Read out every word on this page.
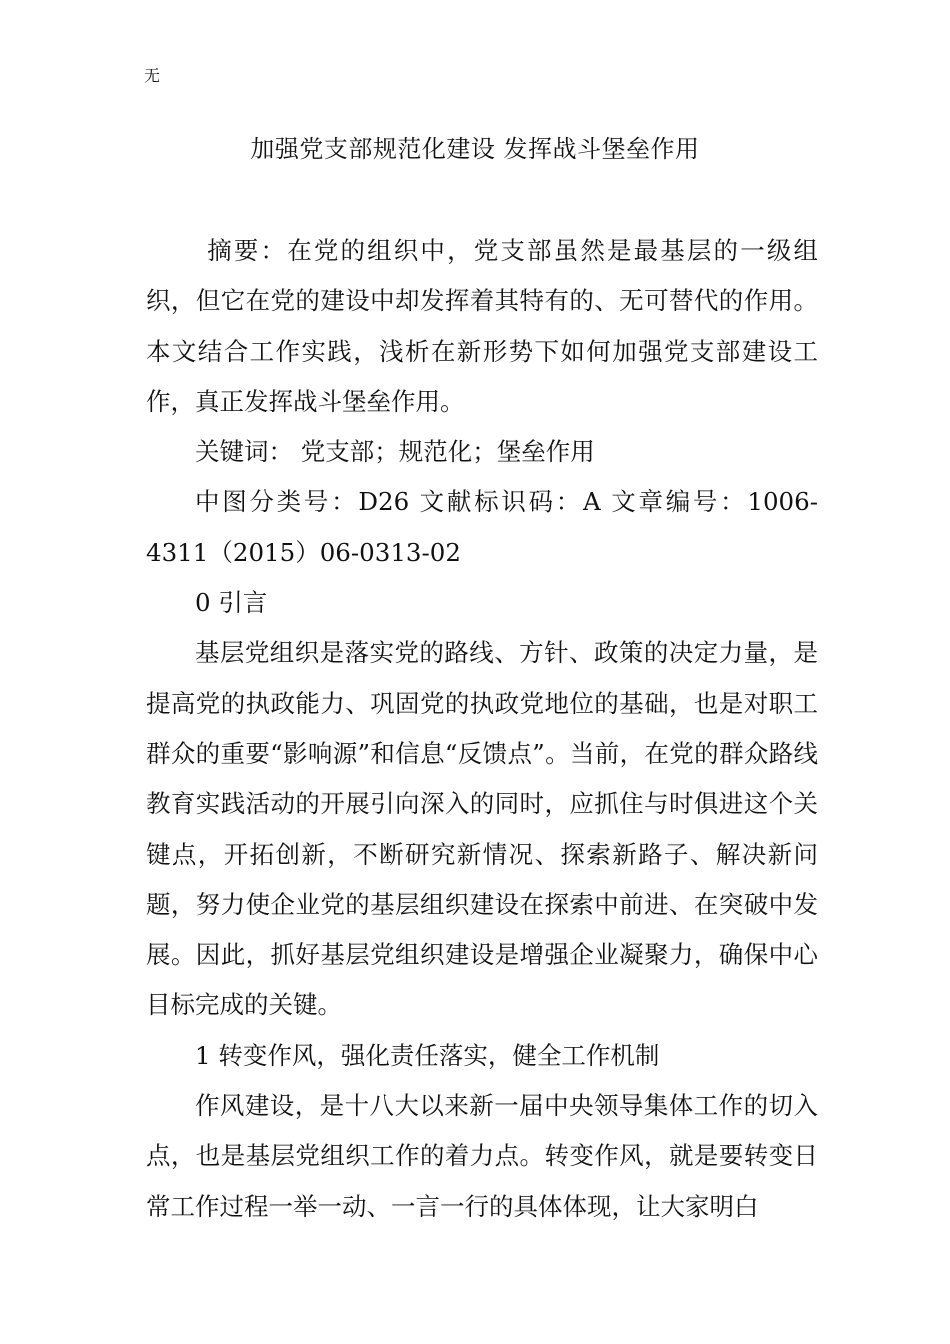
无
加强党支部规范化建设 发挥战斗堡垒作用

摘要：在党的组织中，党支部虽然是最基层的一级组织，但它在党的建设中却发挥着其特有的、无可替代的作用。本文结合工作实践，浅析在新形势下如何加强党支部建设工作，真正发挥战斗堡垒作用。

关键词： 党支部；规范化；堡垒作用

中图分类号：D26 文献标识码：A 文章编号：1006-4311（2015）06-0313-02

0 引言

基层党组织是落实党的路线、方针、政策的决定力量，是提高党的执政能力、巩固党的执政党地位的基础，也是对职工群众的重要“影响源”和信息“反馈点”。当前，在党的群众路线教育实践活动的开展引向深入的同时，应抓住与时俱进这个关键点，开拓创新，不断研究新情况、探索新路子、解决新问题，努力使企业党的基层组织建设在探索中前进、在突破中发展。因此，抓好基层党组织建设是增强企业凝聚力，确保中心目标完成的关键。

1 转变作风，强化责任落实，健全工作机制

作风建设，是十八大以来新一届中央领导集体工作的切入点，也是基层党组织工作的着力点。转变作风，就是要转变日常工作过程一举一动、一言一行的具体体现，让大家明白
